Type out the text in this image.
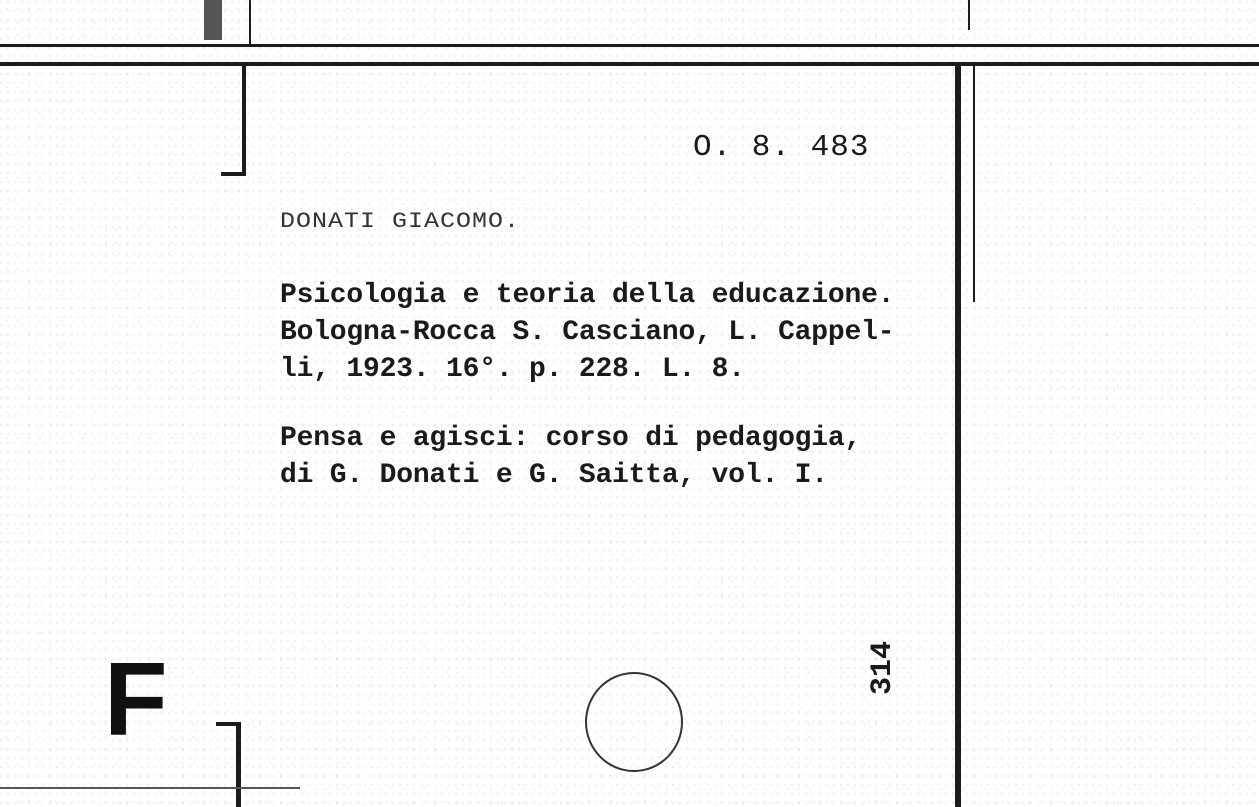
O. 8. 483
DONATI GIACOMO.
Psicologia e teoria della educazione.
Bologna-Rocca S. Casciano, L. Cappel-
li, 1923. 16°. p. 228. L. 8.
Pensa e agisci: corso di pedagogia,
di G. Donati e G. Saitta, vol. I.
F	314
